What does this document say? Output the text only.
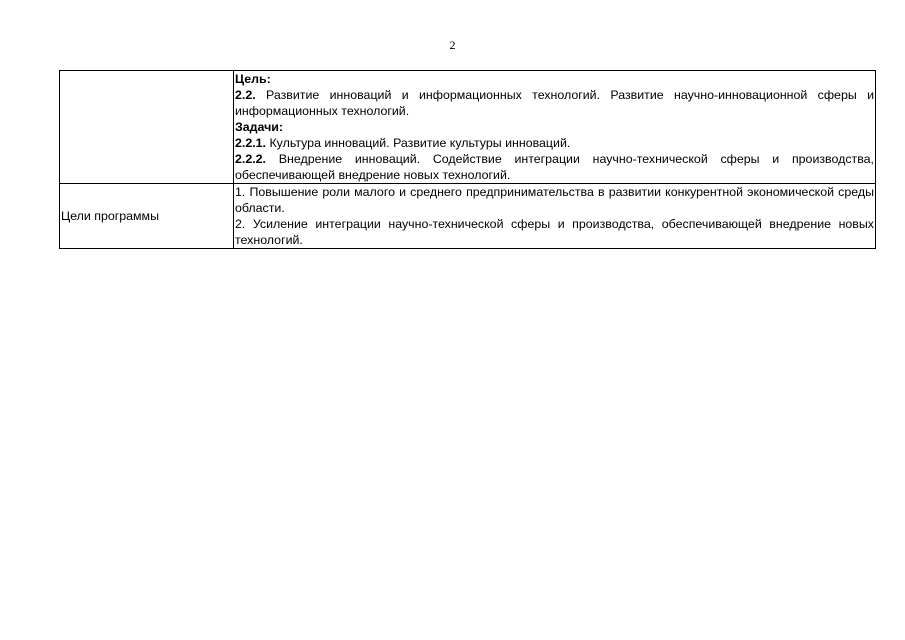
2

	Цель:

2.2. Развитие инноваций и информационных технологий. Развитие научно-инновационной сферы и информационных технологий.

Задачи:

2.2.1. Культура инноваций. Развитие культуры инноваций.

2.2.2. Внедрение инноваций. Содействие интеграции научно-технической сферы и производства, обеспечивающей внедрение новых технологий.

Цели программы	1. Повышение роли малого и среднего предпринимательства в развитии конкурентной экономической среды области.

2. Усиление интеграции научно-технической сферы и производства, обеспечивающей внедрение новых технологий.
